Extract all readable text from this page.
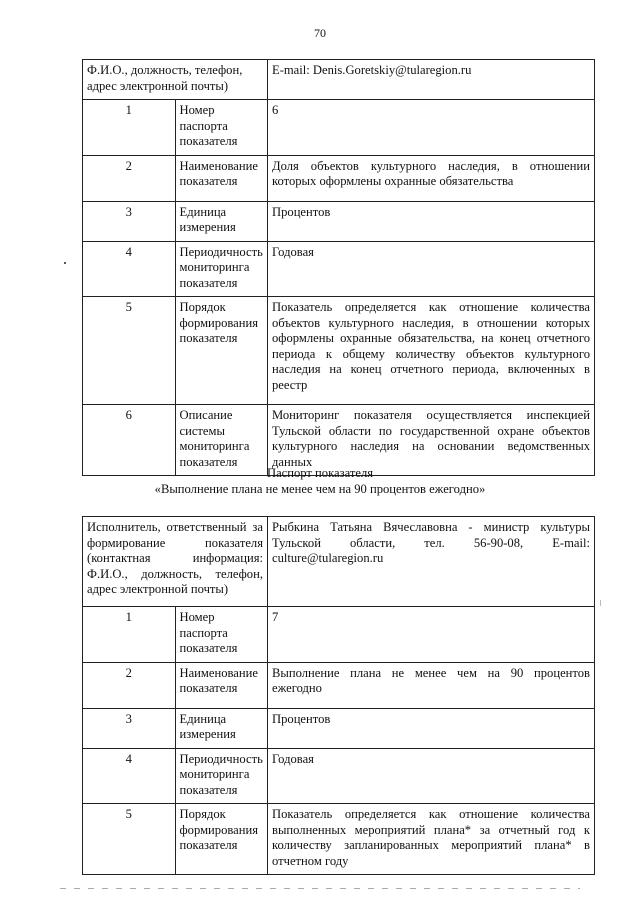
70
Ф.И.О., должность, телефон, адрес электронной почты)		E-mail: Denis.Goretskiy@tularegion.ru
1	Номер паспорта показателя	6
2	Наименование показателя	Доля объектов культурного наследия, в отношении которых оформлены охранные обязательства
3	Единица измерения	Процентов
4	Периодичность мониторинга показателя	Годовая
5	Порядок формирования показателя	Показатель определяется как отношение количества объектов культурного наследия, в отношении которых оформлены охранные обязательства, на конец отчетного периода к общему количеству объектов культурного наследия на конец отчетного периода, включенных в реестр
6	Описание системы мониторинга показателя	Мониторинг показателя осуществляется инспекцией Тульской области по государственной охране объектов культурного наследия на основании ведомственных данных
Паспорт показателя
«Выполнение плана не менее чем на 90 процентов ежегодно»
Исполнитель, ответственный за формирование показателя (контактная информация: Ф.И.О., должность, телефон, адрес электронной почты)		Рыбкина Татьяна Вячеславовна - министр культуры Тульской области, тел. 56-90-08, E-mail: culture@tularegion.ru
1	Номер паспорта показателя	7
2	Наименование показателя	Выполнение плана не менее чем на 90 процентов ежегодно
3	Единица измерения	Процентов
4	Периодичность мониторинга показателя	Годовая
5	Порядок формирования показателя	Показатель определяется как отношение количества выполненных мероприятий плана* за отчетный год к количеству запланированных мероприятий плана* в отчетном году
